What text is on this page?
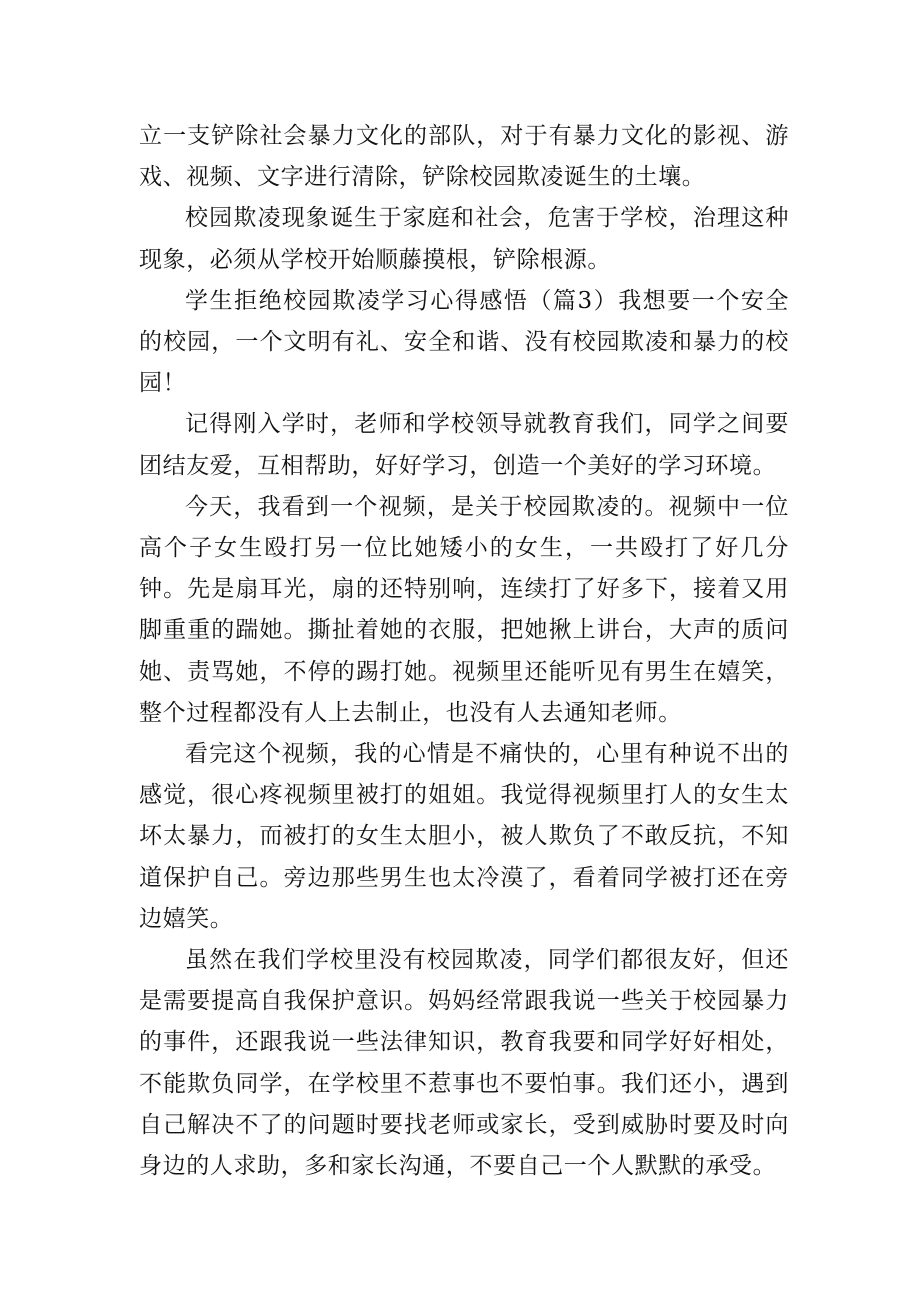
立一支铲除社会暴力文化的部队，对于有暴力文化的影视、游戏、视频、文字进行清除，铲除校园欺凌诞生的土壤。

校园欺凌现象诞生于家庭和社会，危害于学校，治理这种现象，必须从学校开始顺藤摸根，铲除根源。

学生拒绝校园欺凌学习心得感悟（篇3）我想要一个安全的校园，一个文明有礼、安全和谐、没有校园欺凌和暴力的校园！

记得刚入学时，老师和学校领导就教育我们，同学之间要团结友爱，互相帮助，好好学习，创造一个美好的学习环境。

今天，我看到一个视频，是关于校园欺凌的。视频中一位高个子女生殴打另一位比她矮小的女生，一共殴打了好几分钟。先是扇耳光，扇的还特别响，连续打了好多下，接着又用脚重重的踹她。撕扯着她的衣服，把她揪上讲台，大声的质问她、责骂她，不停的踢打她。视频里还能听见有男生在嬉笑，整个过程都没有人上去制止，也没有人去通知老师。

看完这个视频，我的心情是不痛快的，心里有种说不出的感觉，很心疼视频里被打的姐姐。我觉得视频里打人的女生太坏太暴力，而被打的女生太胆小，被人欺负了不敢反抗，不知道保护自己。旁边那些男生也太冷漠了，看着同学被打还在旁边嬉笑。

虽然在我们学校里没有校园欺凌，同学们都很友好，但还是需要提高自我保护意识。妈妈经常跟我说一些关于校园暴力的事件，还跟我说一些法律知识，教育我要和同学好好相处，不能欺负同学，在学校里不惹事也不要怕事。我们还小，遇到自己解决不了的问题时要找老师或家长，受到威胁时要及时向身边的人求助，多和家长沟通，不要自己一个人默默的承受。
